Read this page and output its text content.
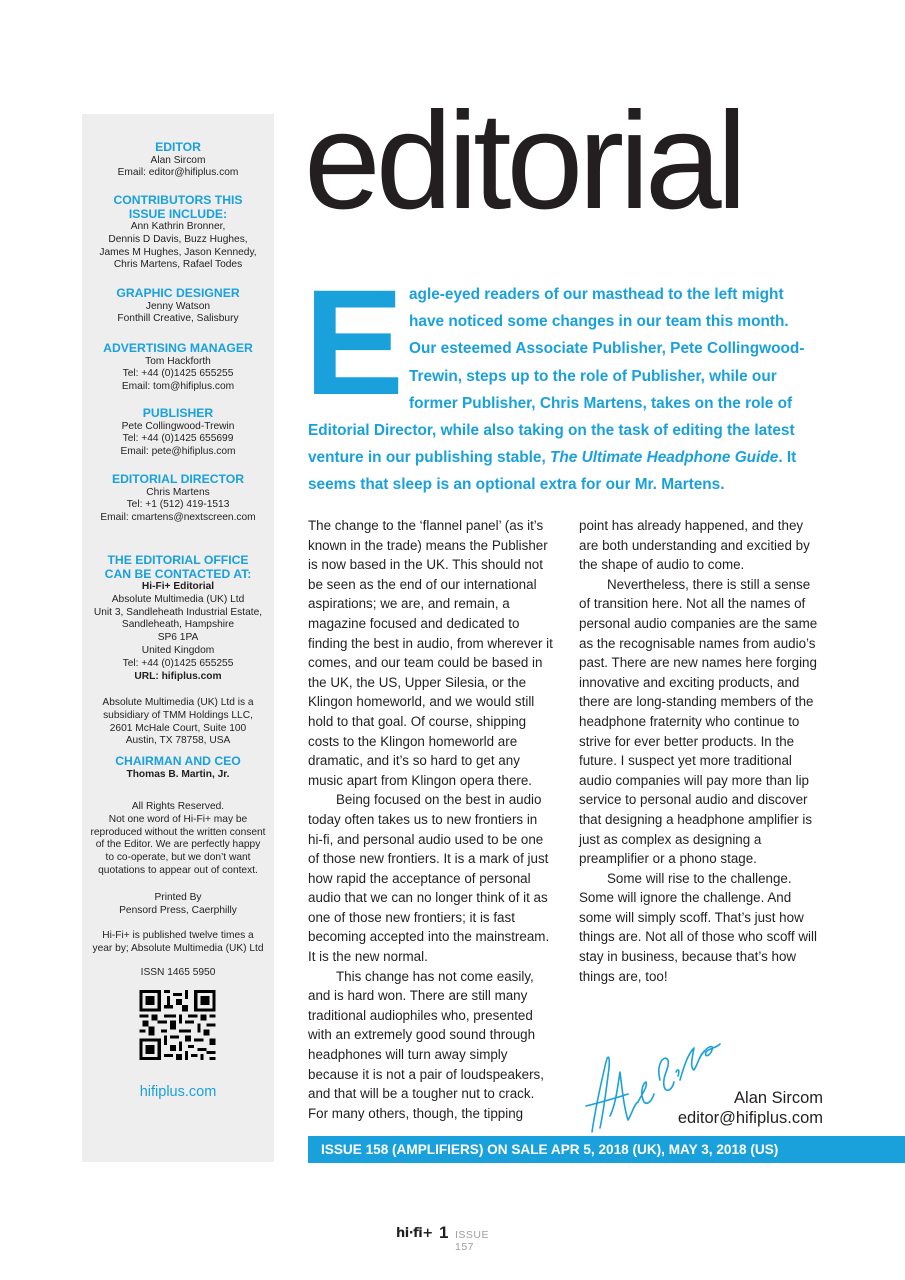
EDITOR
Alan Sircom
Email: editor@hifiplus.com
CONTRIBUTORS THIS
ISSUE INCLUDE:
Ann Kathrin Bronner,
Dennis D Davis, Buzz Hughes,
James M Hughes, Jason Kennedy,
Chris Martens, Rafael Todes
GRAPHIC DESIGNER
Jenny Watson
Fonthill Creative, Salisbury
ADVERTISING MANAGER
Tom Hackforth
Tel: +44 (0)1425 655255
Email: tom@hifiplus.com
PUBLISHER
Pete Collingwood-Trewin
Tel: +44 (0)1425 655699
Email: pete@hifiplus.com
EDITORIAL DIRECTOR
Chris Martens
Tel: +1 (512) 419-1513
Email: cmartens@nextscreen.com
THE EDITORIAL OFFICE
CAN BE CONTACTED AT:
Hi-Fi+ Editorial
Absolute Multimedia (UK) Ltd
Unit 3, Sandleheath Industrial Estate,
Sandleheath, Hampshire
SP6 1PA
United Kingdom
Tel: +44 (0)1425 655255
URL: hifiplus.com
Absolute Multimedia (UK) Ltd is a
subsidiary of TMM Holdings LLC,
2601 McHale Court, Suite 100
Austin, TX 78758, USA
CHAIRMAN AND CEO
Thomas B. Martin, Jr.
All Rights Reserved.
Not one word of Hi-Fi+ may be
reproduced without the written consent
of the Editor. We are perfectly happy
to co-operate, but we don’t want
quotations to appear out of context.
Printed By
Pensord Press, Caerphilly
Hi-Fi+ is published twelve times a
year by; Absolute Multimedia (UK) Ltd
ISSN 1465 5950
hifiplus.com
editorial
E agle-eyed readers of our masthead to the left might
have noticed some changes in our team this month.
Our esteemed Associate Publisher, Pete Collingwood-
Trewin, steps up to the role of Publisher, while our
former Publisher, Chris Martens, takes on the role of
Editorial Director, while also taking on the task of editing the latest
venture in our publishing stable, The Ultimate Headphone Guide. It
seems that sleep is an optional extra for our Mr. Martens.

The change to the ‘flannel panel’ (as it’s known in the trade) means the Publisher is now based in the UK. This should not be seen as the end of our international aspirations; we are, and remain, a magazine focused and dedicated to finding the best in audio, from wherever it comes, and our team could be based in the UK, the US, Upper Silesia, or the Klingon homeworld, and we would still hold to that goal. Of course, shipping costs to the Klingon homeworld are dramatic, and it’s so hard to get any music apart from Klingon opera there.

Being focused on the best in audio today often takes us to new frontiers in hi-fi, and personal audio used to be one of those new frontiers. It is a mark of just how rapid the acceptance of personal audio that we can no longer think of it as one of those new frontiers; it is fast becoming accepted into the mainstream. It is the new normal.

This change has not come easily, and is hard won. There are still many traditional audiophiles who, presented with an extremely good sound through headphones will turn away simply because it is not a pair of loudspeakers, and that will be a tougher nut to crack. For many others, though, the tipping

point has already happened, and they are both understanding and excitied by the shape of audio to come.

Nevertheless, there is still a sense of transition here. Not all the names of personal audio companies are the same as the recognisable names from audio’s past. There are new names here forging innovative and exciting products, and there are long-standing members of the headphone fraternity who continue to strive for ever better products. In the future. I suspect yet more traditional audio companies will pay more than lip service to personal audio and discover that designing a headphone amplifier is just as complex as designing a preamplifier or a phono stage.

Some will rise to the challenge. Some will ignore the challenge. And some will simply scoff. That’s just how things are. Not all of those who scoff will stay in business, because that’s how things are, too!

Alan Sircom
editor@hifiplus.com
ISSUE 158 (AMPLIFIERS) ON SALE APR 5, 2018 (UK), MAY 3, 2018 (US)
hi·fi+ 1 ISSUE 157
